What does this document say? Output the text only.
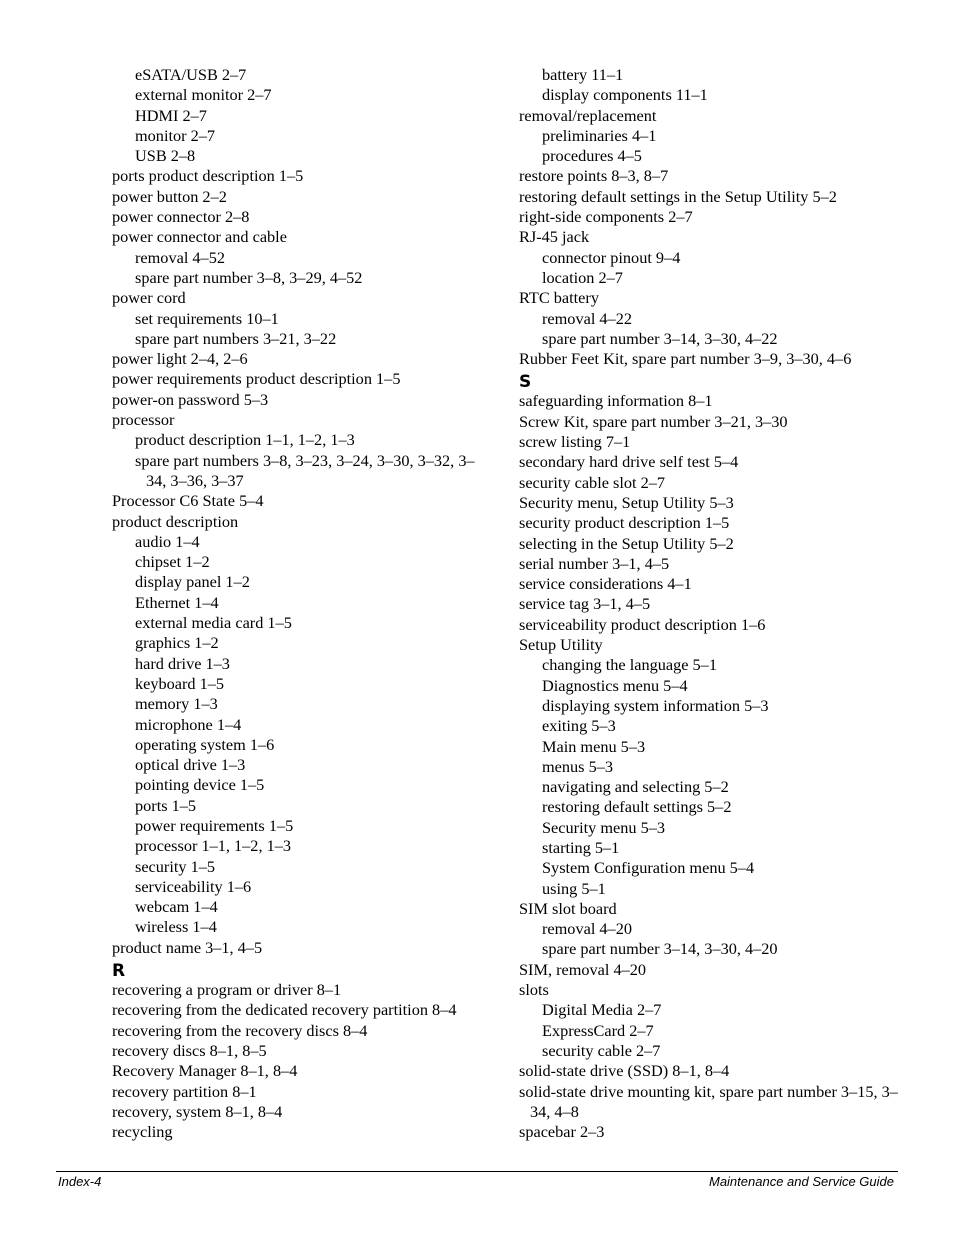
eSATA/USB 2–7
external monitor 2–7
HDMI 2–7
monitor 2–7
USB 2–8
ports product description 1–5
power button 2–2
power connector 2–8
power connector and cable
removal 4–52
spare part number 3–8, 3–29, 4–52
power cord
set requirements 10–1
spare part numbers 3–21, 3–22
power light 2–4, 2–6
power requirements product description 1–5
power-on password 5–3
processor
product description 1–1, 1–2, 1–3
spare part numbers 3–8, 3–23, 3–24, 3–30, 3–32, 3–34, 3–36, 3–37
Processor C6 State 5–4
product description
audio 1–4
chipset 1–2
display panel 1–2
Ethernet 1–4
external media card 1–5
graphics 1–2
hard drive 1–3
keyboard 1–5
memory 1–3
microphone 1–4
operating system 1–6
optical drive 1–3
pointing device 1–5
ports 1–5
power requirements 1–5
processor 1–1, 1–2, 1–3
security 1–5
serviceability 1–6
webcam 1–4
wireless 1–4
product name 3–1, 4–5
R
recovering a program or driver 8–1
recovering from the dedicated recovery partition 8–4
recovering from the recovery discs 8–4
recovery discs 8–1, 8–5
Recovery Manager 8–1, 8–4
recovery partition 8–1
recovery, system 8–1, 8–4
recycling
battery 11–1
display components 11–1
removal/replacement
preliminaries 4–1
procedures 4–5
restore points 8–3, 8–7
restoring default settings in the Setup Utility 5–2
right-side components 2–7
RJ-45 jack
connector pinout 9–4
location 2–7
RTC battery
removal 4–22
spare part number 3–14, 3–30, 4–22
Rubber Feet Kit, spare part number 3–9, 3–30, 4–6
S
safeguarding information 8–1
Screw Kit, spare part number 3–21, 3–30
screw listing 7–1
secondary hard drive self test 5–4
security cable slot 2–7
Security menu, Setup Utility 5–3
security product description 1–5
selecting in the Setup Utility 5–2
serial number 3–1, 4–5
service considerations 4–1
service tag 3–1, 4–5
serviceability product description 1–6
Setup Utility
changing the language 5–1
Diagnostics menu 5–4
displaying system information 5–3
exiting 5–3
Main menu 5–3
menus 5–3
navigating and selecting 5–2
restoring default settings 5–2
Security menu 5–3
starting 5–1
System Configuration menu 5–4
using 5–1
SIM slot board
removal 4–20
spare part number 3–14, 3–30, 4–20
SIM, removal 4–20
slots
Digital Media 2–7
ExpressCard 2–7
security cable 2–7
solid-state drive (SSD) 8–1, 8–4
solid-state drive mounting kit, spare part number 3–15, 3–34, 4–8
spacebar 2–3
Index-4	Maintenance and Service Guide
